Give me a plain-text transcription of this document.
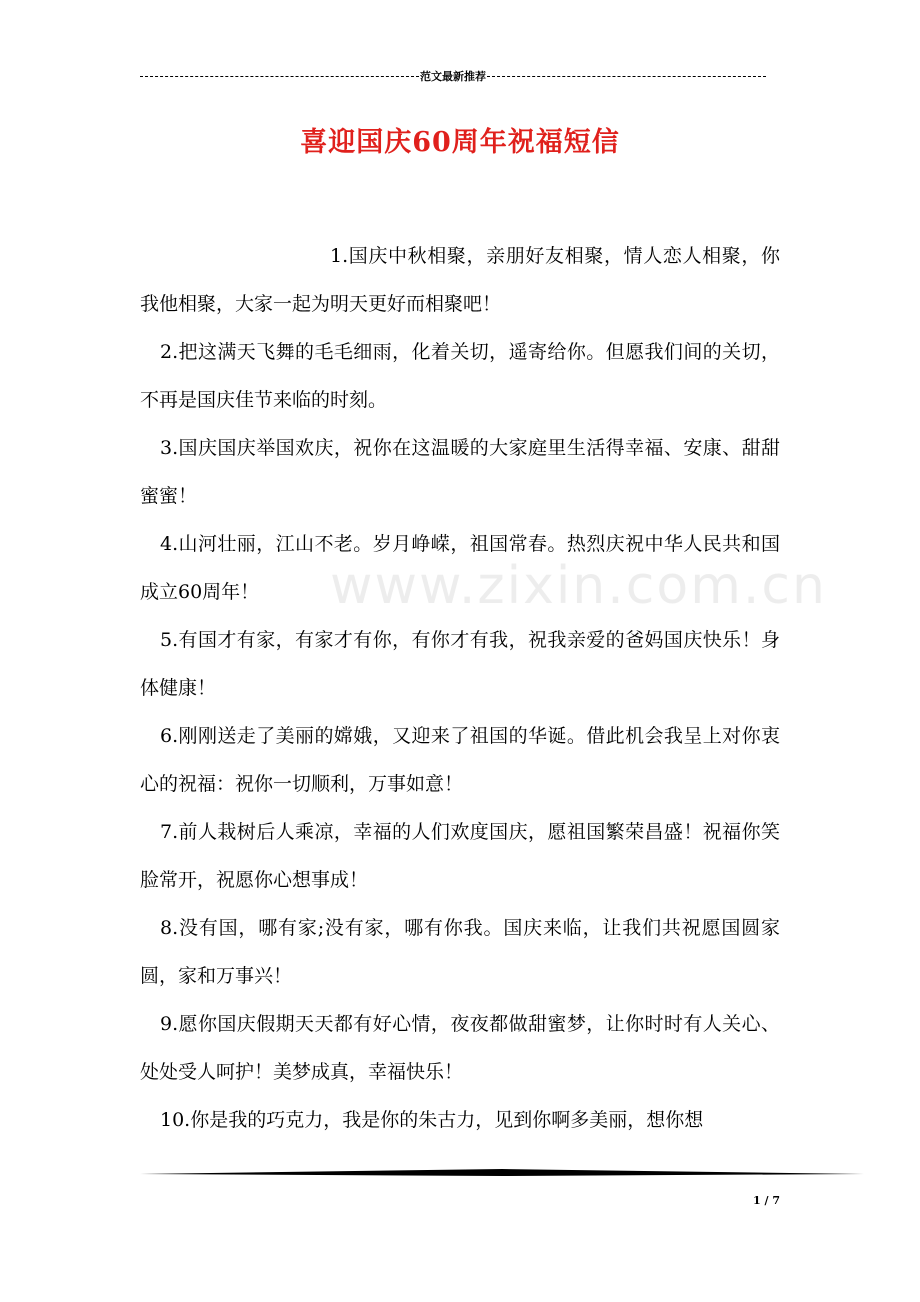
范文最新推荐
喜迎国庆60周年祝福短信
www.zixin.com.cn

1.国庆中秋相聚，亲朋好友相聚，情人恋人相聚，你我他相聚，大家一起为明天更好而相聚吧！

2.把这满天飞舞的毛毛细雨，化着关切，遥寄给你。但愿我们间的关切，不再是国庆佳节来临的时刻。

3.国庆国庆举国欢庆，祝你在这温暖的大家庭里生活得幸福、安康、甜甜蜜蜜！

4.山河壮丽，江山不老。岁月峥嵘，祖国常春。热烈庆祝中华人民共和国成立60周年！

5.有国才有家，有家才有你，有你才有我，祝我亲爱的爸妈国庆快乐！身体健康！

6.刚刚送走了美丽的嫦娥，又迎来了祖国的华诞。借此机会我呈上对你衷心的祝福：祝你一切顺利，万事如意！

7.前人栽树后人乘凉，幸福的人们欢度国庆，愿祖国繁荣昌盛！祝福你笑脸常开，祝愿你心想事成！

8.没有国，哪有家;没有家，哪有你我。国庆来临，让我们共祝愿国圆家圆，家和万事兴！

9.愿你国庆假期天天都有好心情，夜夜都做甜蜜梦，让你时时有人关心、处处受人呵护！美梦成真，幸福快乐！

10.你是我的巧克力，我是你的朱古力，见到你啊多美丽，想你想

1 / 7
